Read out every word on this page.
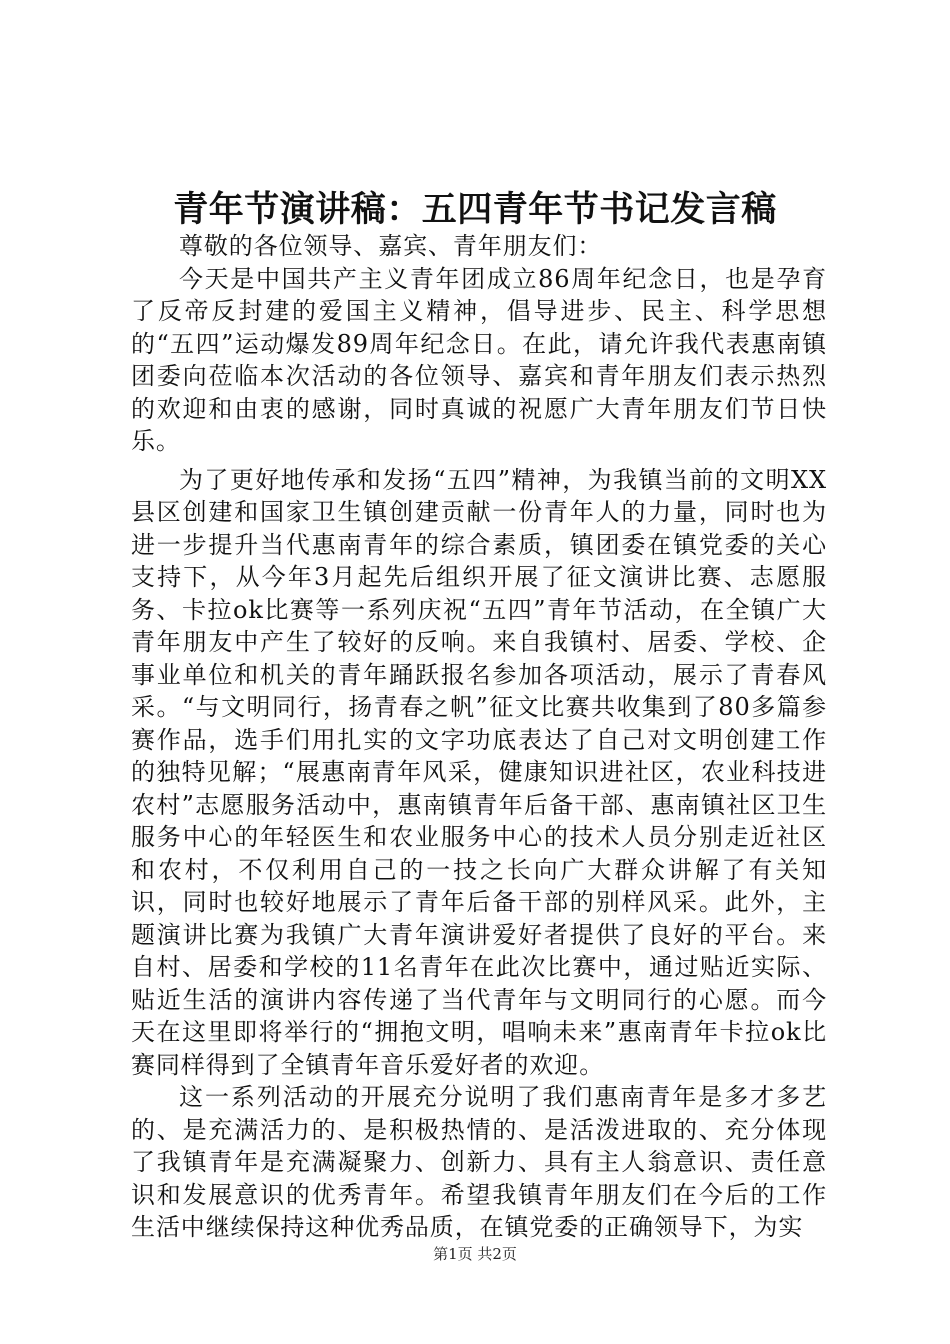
青年节演讲稿：五四青年节书记发言稿

尊敬的各位领导、嘉宾、青年朋友们：

今天是中国共产主义青年团成立86周年纪念日，也是孕育了反帝反封建的爱国主义精神，倡导进步、民主、科学思想的“五四”运动爆发89周年纪念日。在此，请允许我代表惠南镇团委向莅临本次活动的各位领导、嘉宾和青年朋友们表示热烈的欢迎和由衷的感谢，同时真诚的祝愿广大青年朋友们节日快乐。

为了更好地传承和发扬“五四”精神，为我镇当前的文明XX县区创建和国家卫生镇创建贡献一份青年人的力量，同时也为进一步提升当代惠南青年的综合素质，镇团委在镇党委的关心支持下，从今年3月起先后组织开展了征文演讲比赛、志愿服务、卡拉ok比赛等一系列庆祝“五四”青年节活动，在全镇广大青年朋友中产生了较好的反响。来自我镇村、居委、学校、企事业单位和机关的青年踊跃报名参加各项活动，展示了青春风采。“与文明同行，扬青春之帆”征文比赛共收集到了80多篇参赛作品，选手们用扎实的文字功底表达了自己对文明创建工作的独特见解；“展惠南青年风采，健康知识进社区，农业科技进农村”志愿服务活动中，惠南镇青年后备干部、惠南镇社区卫生服务中心的年轻医生和农业服务中心的技术人员分别走近社区和农村，不仅利用自己的一技之长向广大群众讲解了有关知识，同时也较好地展示了青年后备干部的别样风采。此外，主题演讲比赛为我镇广大青年演讲爱好者提供了良好的平台。来自村、居委和学校的11名青年在此次比赛中，通过贴近实际、贴近生活的演讲内容传递了当代青年与文明同行的心愿。而今天在这里即将举行的“拥抱文明，唱响未来”惠南青年卡拉ok比赛同样得到了全镇青年音乐爱好者的欢迎。

这一系列活动的开展充分说明了我们惠南青年是多才多艺的、是充满活力的、是积极热情的、是活泼进取的、充分体现了我镇青年是充满凝聚力、创新力、具有主人翁意识、责任意识和发展意识的优秀青年。希望我镇青年朋友们在今后的工作生活中继续保持这种优秀品质，在镇党委的正确领导下，为实

第1页 共2页
